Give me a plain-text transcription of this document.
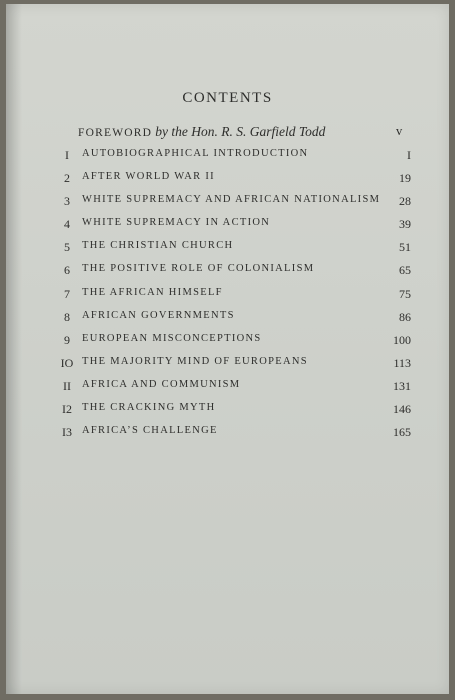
CONTENTS
FOREWORD by the Hon. R. S. Garfield Todd	v
I	AUTOBIOGRAPHICAL INTRODUCTION	I
2	AFTER WORLD WAR II	19
3	WHITE SUPREMACY AND AFRICAN NATIONALISM	28
4	WHITE SUPREMACY IN ACTION	39
5	THE CHRISTIAN CHURCH	51
6	THE POSITIVE ROLE OF COLONIALISM	65
7	THE AFRICAN HIMSELF	75
8	AFRICAN GOVERNMENTS	86
9	EUROPEAN MISCONCEPTIONS	100
IO THE MAJORITY MIND OF EUROPEANS	113
II	AFRICA AND COMMUNISM	131
I2 THE CRACKING MYTH	146
I3 AFRICA’S CHALLENGE	165
